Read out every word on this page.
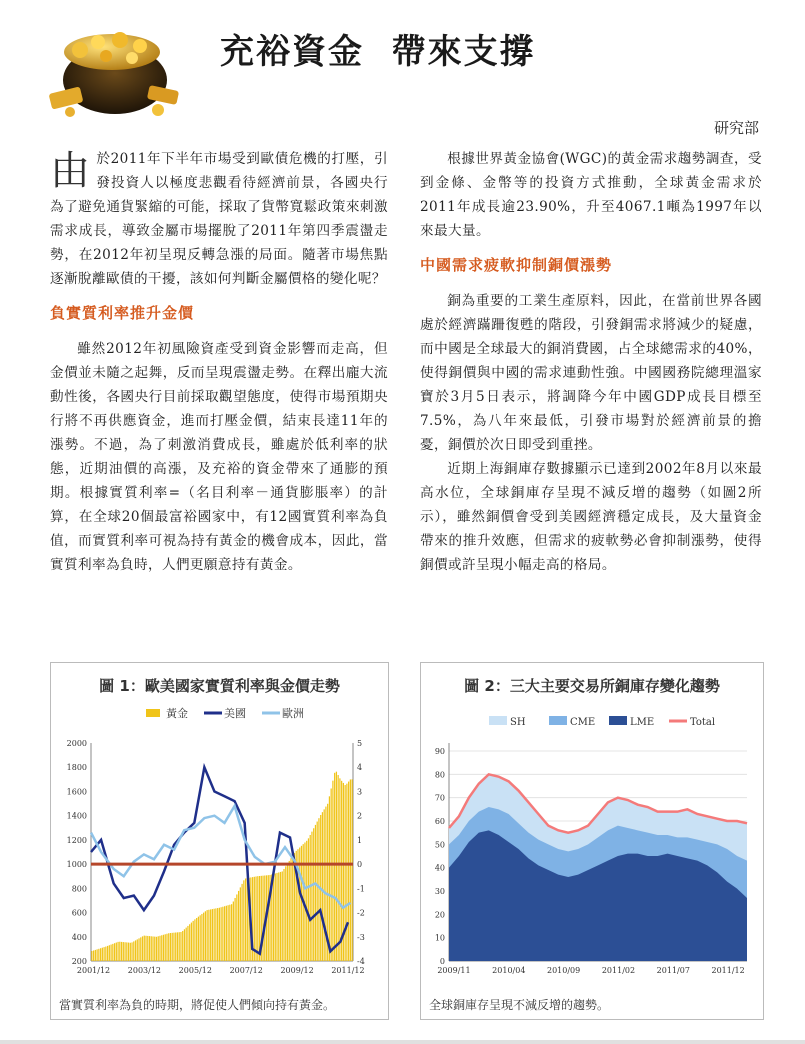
充裕資金  帶來支撐
研究部

由於2011年下半年市場受到歐債危機的打壓，引發投資人以極度悲觀看待經濟前景，各國央行為了避免通貨緊縮的可能，採取了貨幣寬鬆政策來刺激需求成長，導致金屬市場擺脫了2011年第四季震盪走勢，在2012年初呈現反轉急漲的局面。隨著市場焦點逐漸脫離歐債的干擾，該如何判斷金屬價格的變化呢？

負實質利率推升金價

雖然2012年初風險資產受到資金影響而走高，但金價並未隨之起舞，反而呈現震盪走勢。在釋出龐大流動性後，各國央行目前採取觀望態度，使得市場預期央行將不再供應資金，進而打壓金價，結束長達11年的漲勢。不過，為了刺激消費成長，雖處於低利率的狀態，近期油價的高漲，及充裕的資金帶來了通膨的預期。根據實質利率=（名目利率－通貨膨脹率）的計算，在全球20個最富裕國家中，有12國實質利率為負值，而實質利率可視為持有黃金的機會成本，因此，當實質利率為負時，人們更願意持有黃金。

根據世界黃金協會(WGC)的黃金需求趨勢調查，受到金條、金幣等的投資方式推動，全球黃金需求於2011年成長逾23.90%，升至4067.1噸為1997年以來最大量。

中國需求疲軟抑制銅價漲勢

銅為重要的工業生產原料，因此，在當前世界各國處於經濟蹣跚復甦的階段，引發銅需求將減少的疑慮，而中國是全球最大的銅消費國，占全球總需求的40%，使得銅價與中國的需求連動性強。中國國務院總理溫家寶於3月5日表示，將調降今年中國GDP成長目標至7.5%，為八年來最低，引發市場對於經濟前景的擔憂，銅價於次日即受到重挫。

近期上海銅庫存數據顯示已達到2002年8月以來最高水位，全球銅庫存呈現不減反增的趨勢（如圖2所示），雖然銅價會受到美國經濟穩定成長，及大量資金帶來的推升效應，但需求的疲軟勢必會抑制漲勢，使得銅價或許呈現小幅走高的格局。

圖 1：歐美國家實質利率與金價走勢
黃金	美國	歐洲
200
400
600
800
1000
1200
1400
1600
1800
2000
-4
-3
-2
-1
0
1
2
3
4
5
2001/12 2003/12 2005/12 2007/12 2009/12 2011/12
當實質利率為負的時期，將促使人們傾向持有黃金。
圖 2：三大主要交易所銅庫存變化趨勢
SH	CME	LME	Total
0
10
20
30
40
50
60
70
80
90
2009/11	2010/04	2010/09	2011/02	2011/07	2011/12
全球銅庫存呈現不減反增的趨勢。
